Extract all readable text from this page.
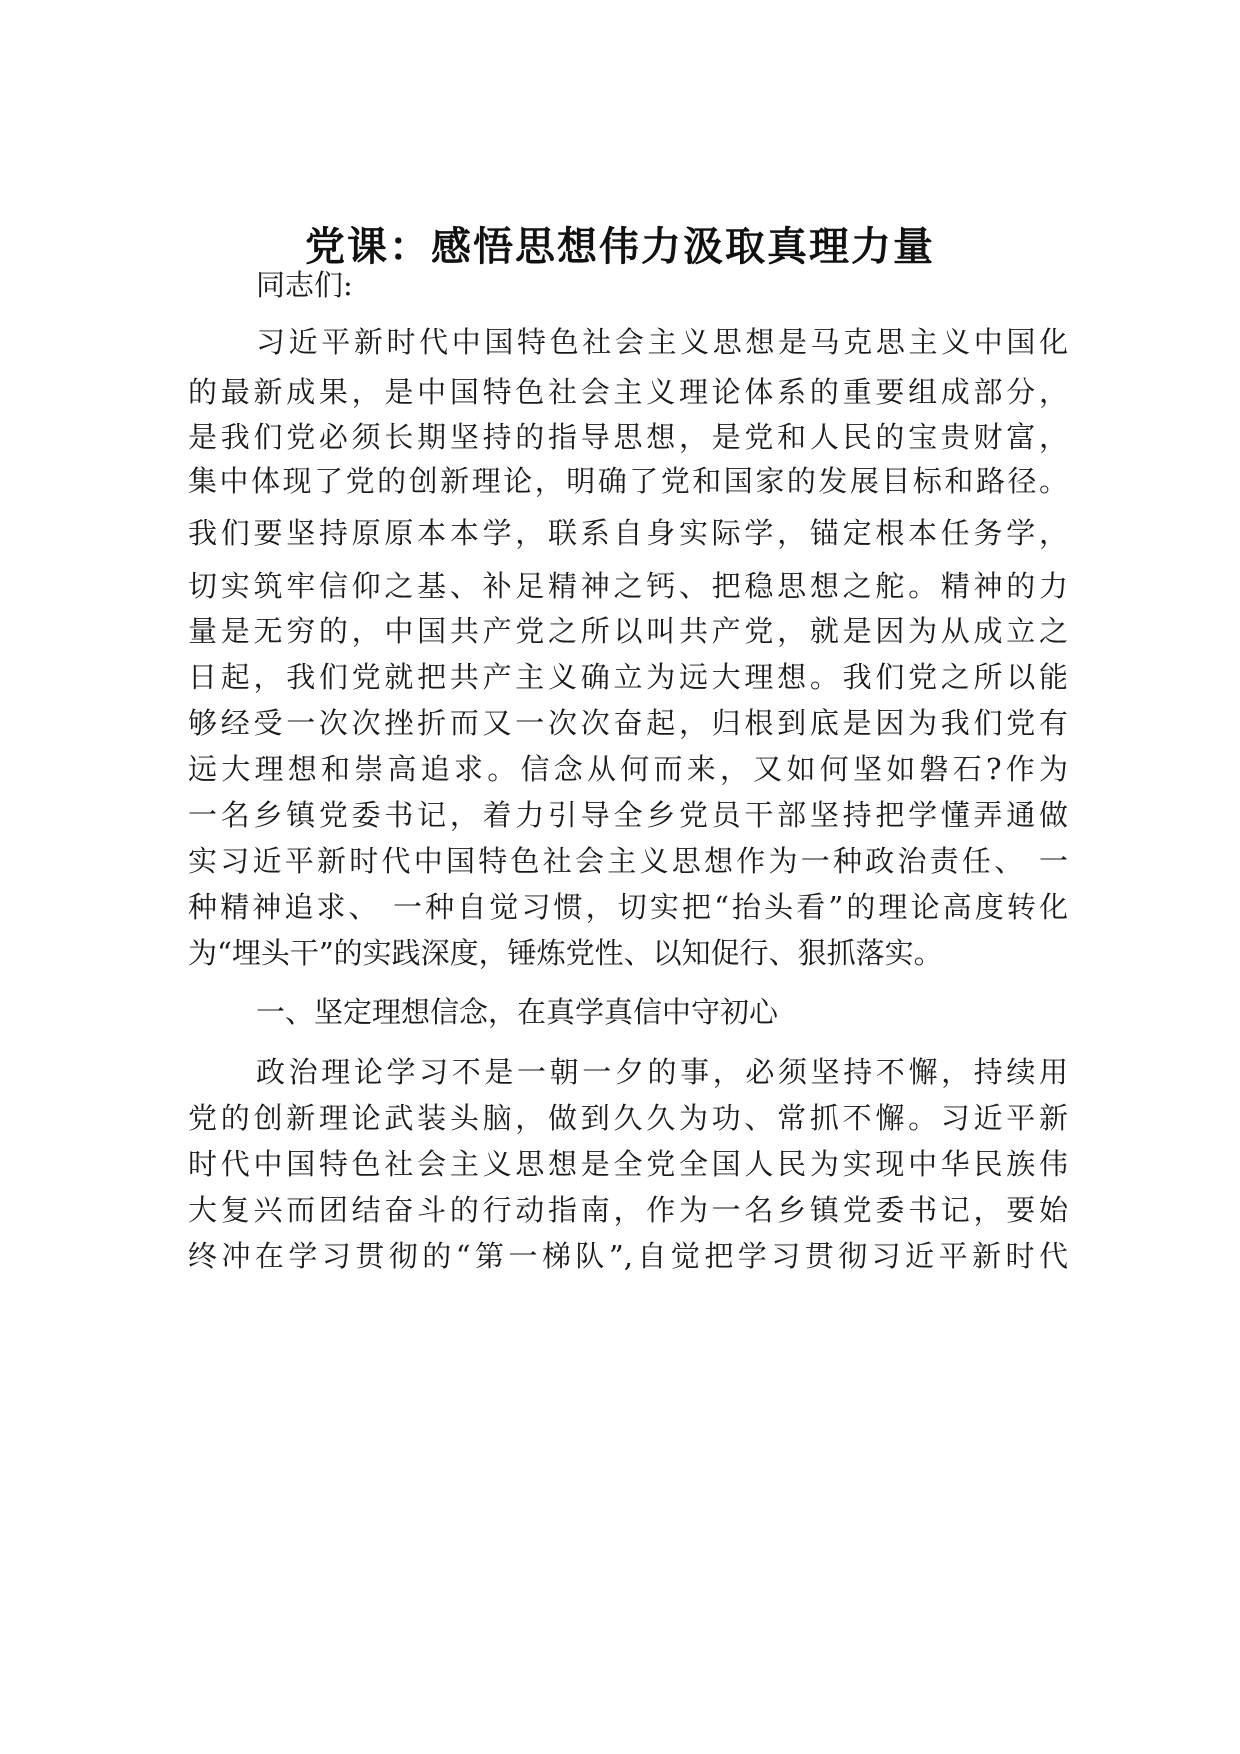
党课：感悟思想伟力汲取真理力量
同志们:
习近平新时代中国特色社会主义思想是马克思主义中国化
的最新成果，是中国特色社会主义理论体系的重要组成部分，
是我们党必须长期坚持的指导思想，是党和人民的宝贵财富，
集中体现了党的创新理论，明确了党和国家的发展目标和路径。
我们要坚持原原本本学，联系自身实际学，锚定根本任务学，
切实筑牢信仰之基、补足精神之钙、把稳思想之舵。精神的力
量是无穷的，中国共产党之所以叫共产党，就是因为从成立之
日起，我们党就把共产主义确立为远大理想。我们党之所以能
够经受一次次挫折而又一次次奋起，归根到底是因为我们党有
远大理想和崇高追求。信念从何而来，又如何坚如磐石?作为
一名乡镇党委书记，着力引导全乡党员干部坚持把学懂弄通做
实习近平新时代中国特色社会主义思想作为一种政治责任、 一
种精神追求、 一种自觉习惯，切实把“抬头看”的理论高度转化
为“埋头干”的实践深度，锤炼党性、以知促行、狠抓落实。
一、坚定理想信念，在真学真信中守初心
政治理论学习不是一朝一夕的事，必须坚持不懈，持续用
党的创新理论武装头脑，做到久久为功、常抓不懈。习近平新
时代中国特色社会主义思想是全党全国人民为实现中华民族伟
大复兴而团结奋斗的行动指南，作为一名乡镇党委书记，要始
终冲在学习贯彻的“第一梯队”,自觉把学习贯彻习近平新时代
